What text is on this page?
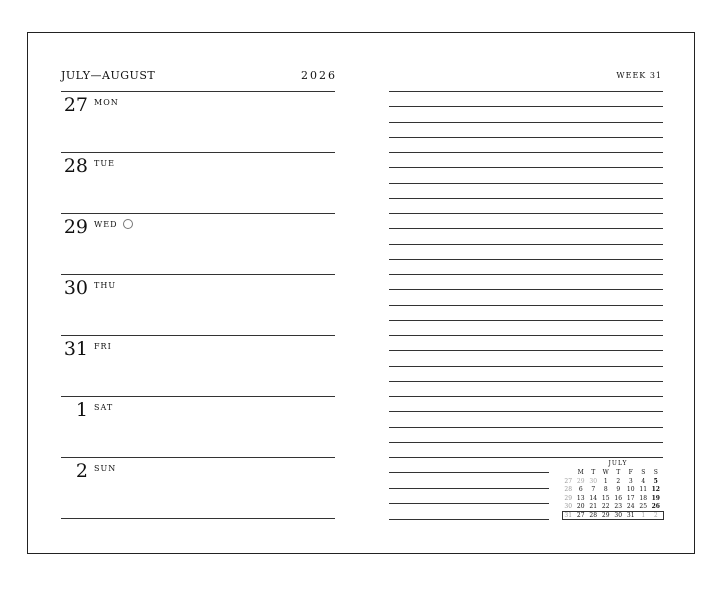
JULY—AUGUST	2026	WEEK 31
27 MON
28 TUE
29 WED
30 THU
31 FRI
1 SAT
2 SUN
JULY
M	T	W	T	F	S	S
27 29 30	1	2	3	4	5
28	6	7	8	9	10 11 12
29 13 14 15 16 17 18 19
30 20 21 22 23 24 25 26
31 27 28 29 30 31	1	2
